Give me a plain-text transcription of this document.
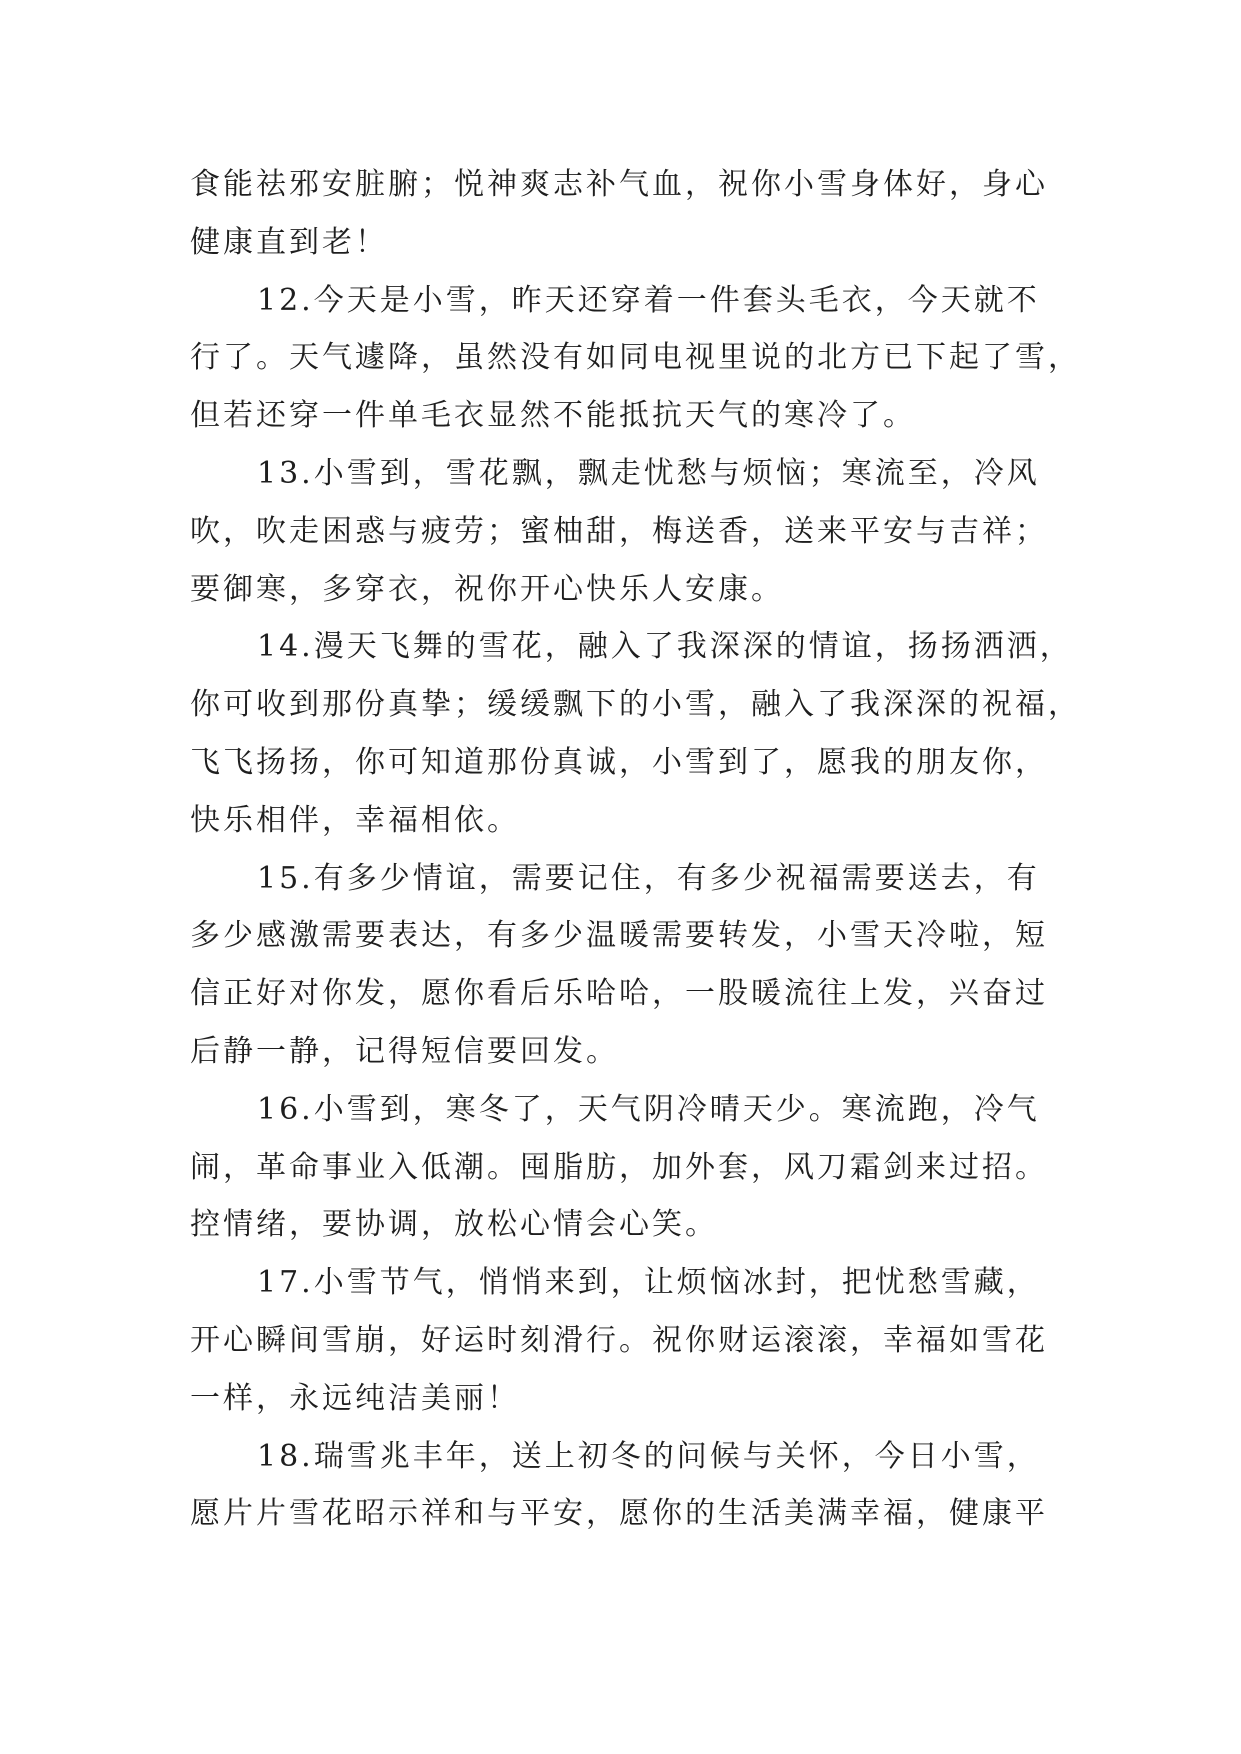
食能祛邪安脏腑；悦神爽志补气血，祝你小雪身体好，身心
健康直到老！
12.今天是小雪，昨天还穿着一件套头毛衣，今天就不
行了。天气遽降，虽然没有如同电视里说的北方已下起了雪，
但若还穿一件单毛衣显然不能抵抗天气的寒冷了。
13.小雪到，雪花飘，飘走忧愁与烦恼；寒流至，冷风
吹，吹走困惑与疲劳；蜜柚甜，梅送香，送来平安与吉祥；
要御寒，多穿衣，祝你开心快乐人安康。
14.漫天飞舞的雪花，融入了我深深的情谊，扬扬洒洒，
你可收到那份真挚；缓缓飘下的小雪，融入了我深深的祝福，
飞飞扬扬，你可知道那份真诚，小雪到了，愿我的朋友你，
快乐相伴，幸福相依。
15.有多少情谊，需要记住，有多少祝福需要送去，有
多少感激需要表达，有多少温暖需要转发，小雪天冷啦，短
信正好对你发，愿你看后乐哈哈，一股暖流往上发，兴奋过
后静一静，记得短信要回发。
16.小雪到，寒冬了，天气阴冷晴天少。寒流跑，冷气
闹，革命事业入低潮。囤脂肪，加外套，风刀霜剑来过招。
控情绪，要协调，放松心情会心笑。
17.小雪节气，悄悄来到，让烦恼冰封，把忧愁雪藏，
开心瞬间雪崩，好运时刻滑行。祝你财运滚滚，幸福如雪花
一样，永远纯洁美丽！
18.瑞雪兆丰年，送上初冬的问候与关怀，今日小雪，
愿片片雪花昭示祥和与平安，愿你的生活美满幸福，健康平
